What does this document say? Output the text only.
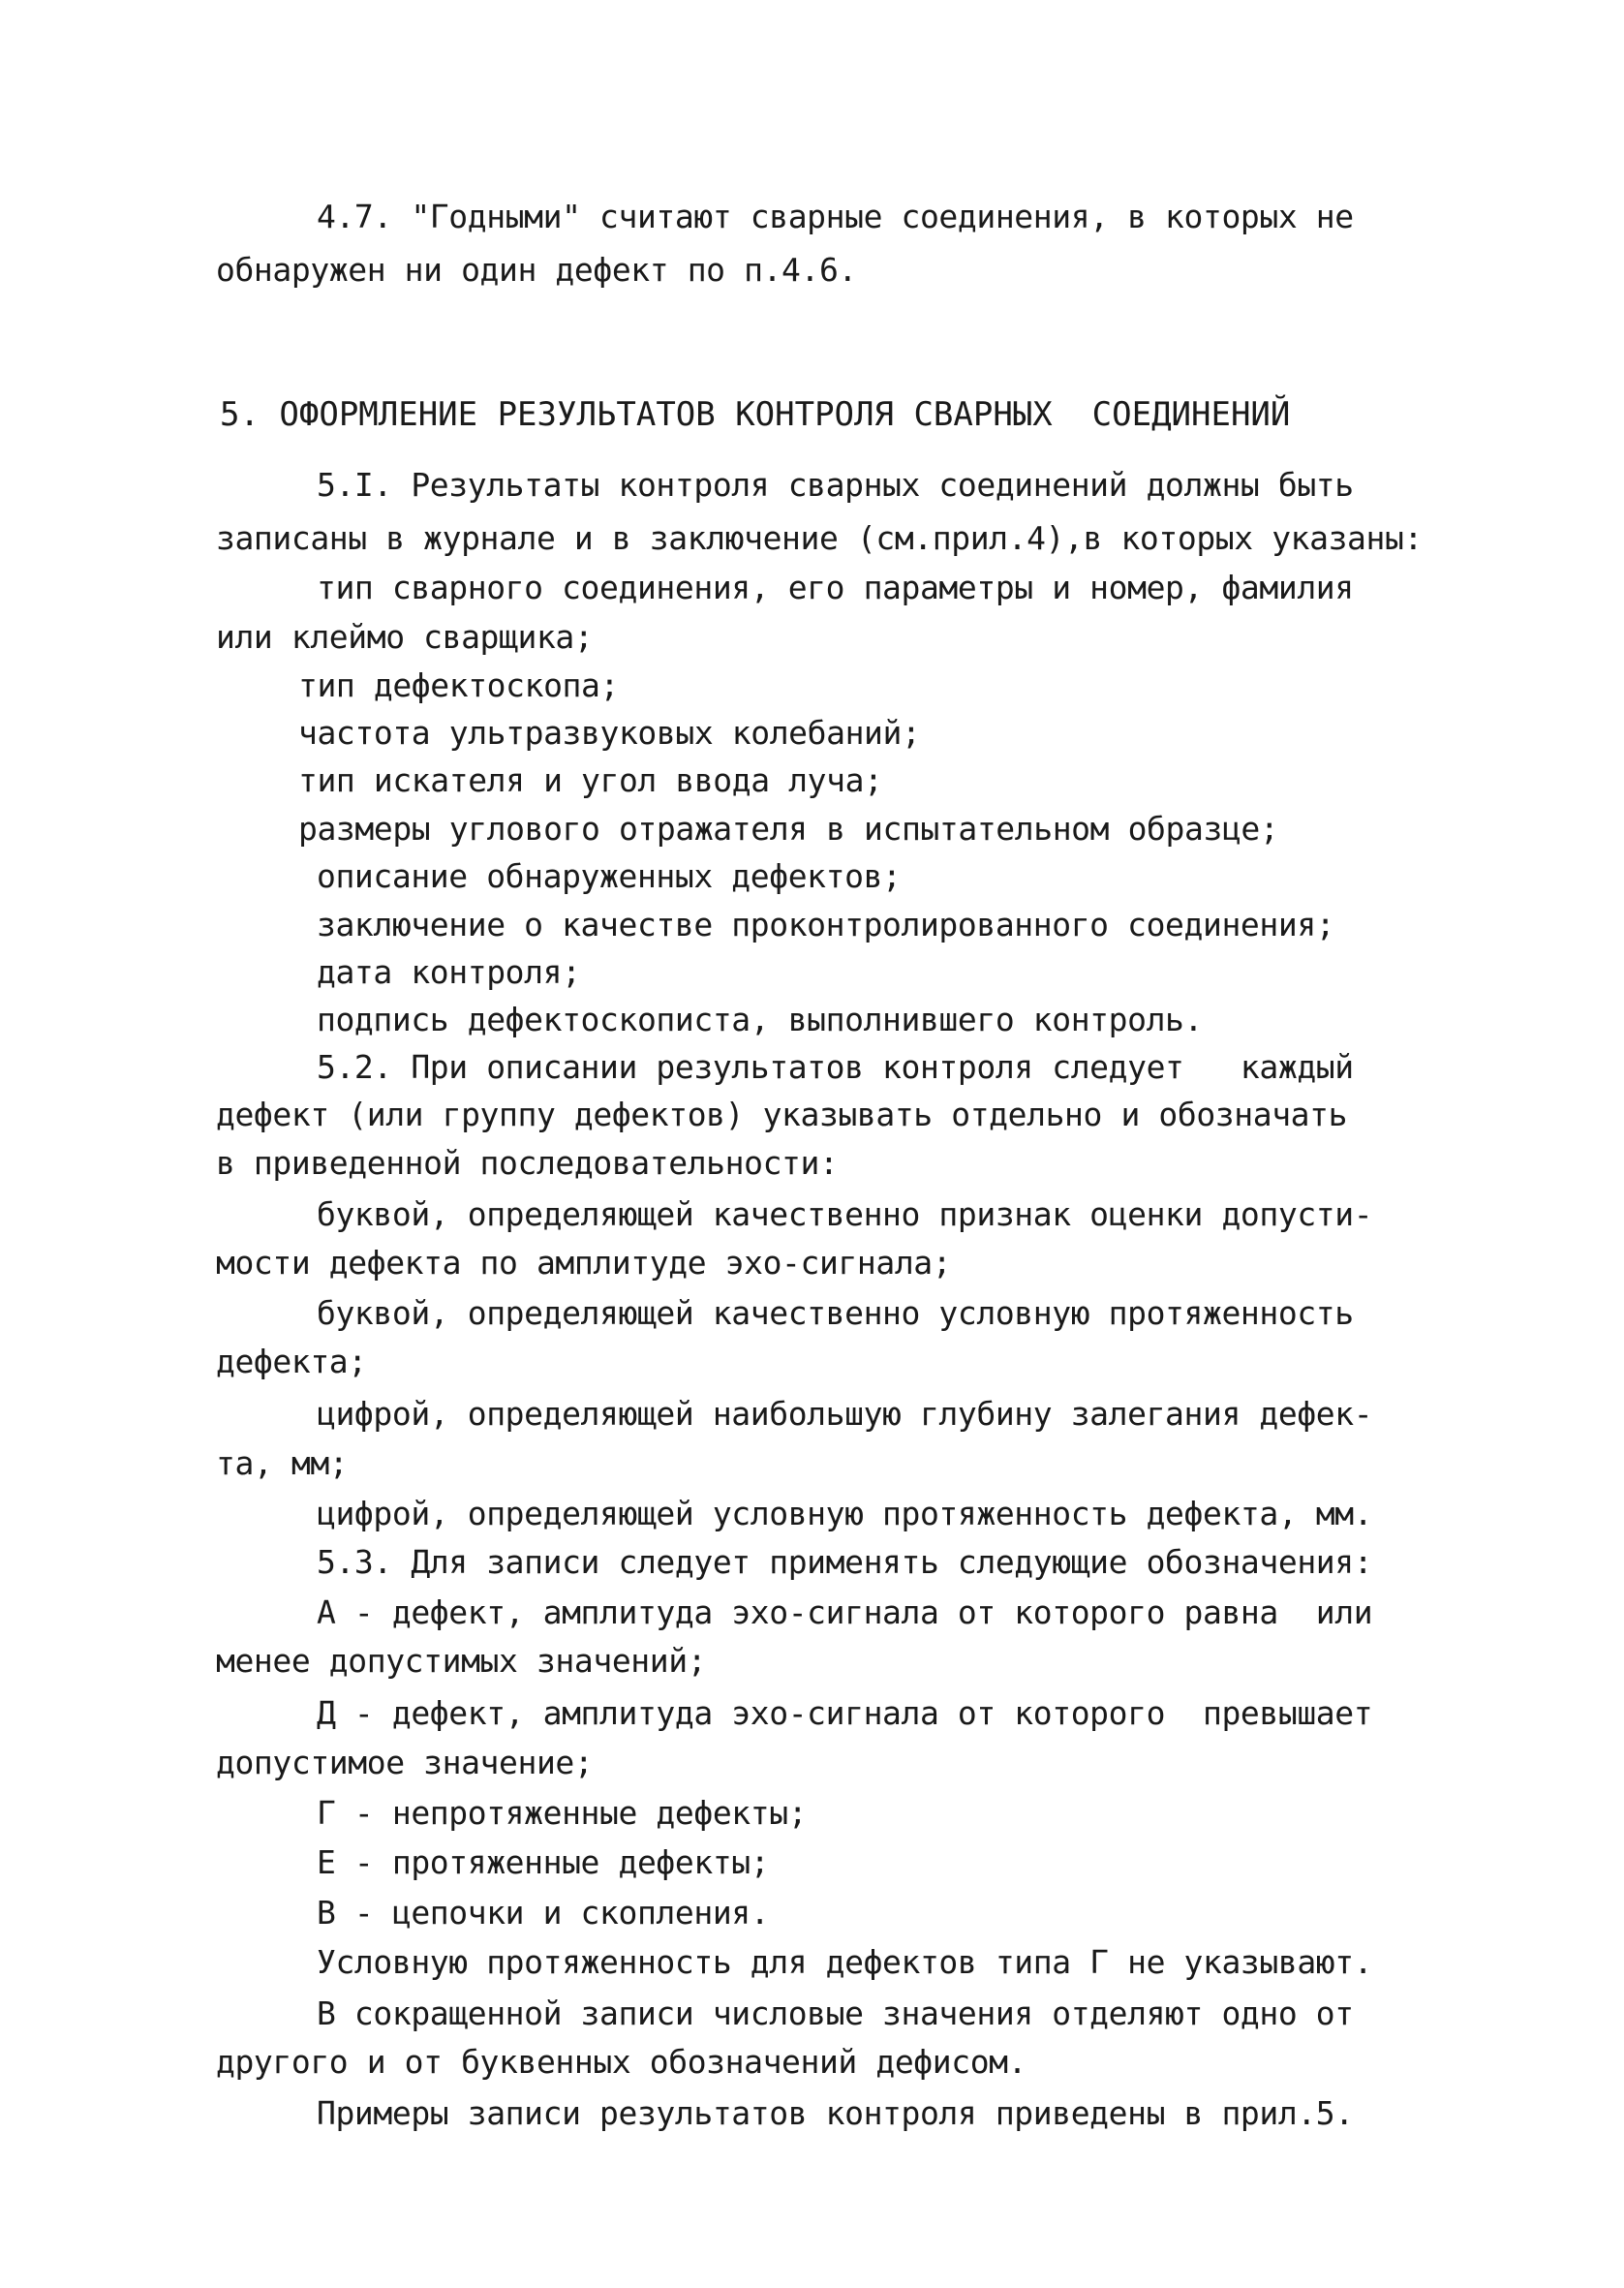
4.7. "Годными" считают сварные соединения, в которых не
обнаружен ни один дефект по п.4.6.
5. ОФОРМЛЕНИЕ РЕЗУЛЬТАТОВ КОНТРОЛЯ СВАРНЫХ  СОЕДИНЕНИЙ
5.I. Результаты контроля сварных соединений должны быть
записаны в журнале и в заключение (см.прил.4),в которых указаны:
тип сварного соединения, его параметры и номер, фамилия
или клеймо сварщика;
тип дефектоскопа;
частота ультразвуковых колебаний;
тип искателя и угол ввода луча;
размеры углового отражателя в испытательном образце;
описание обнаруженных дефектов;
заключение о качестве проконтролированного соединения;
дата контроля;
подпись дефектоскописта, выполнившего контроль.
5.2. При описании результатов контроля следует   каждый
дефект (или группу дефектов) указывать отдельно и обозначать
в приведенной последовательности:
буквой, определяющей качественно признак оценки допусти-
мости дефекта по амплитуде эхо-сигнала;
буквой, определяющей качественно условную протяженность
дефекта;
цифрой, определяющей наибольшую глубину залегания дефек-
та, мм;
цифрой, определяющей условную протяженность дефекта, мм.
5.3. Для записи следует применять следующие обозначения:
А - дефект, амплитуда эхо-сигнала от которого равна  или
менее допустимых значений;
Д - дефект, амплитуда эхо-сигнала от которого  превышает
допустимое значение;
Г - непротяженные дефекты;
Е - протяженные дефекты;
В - цепочки и скопления.
Условную протяженность для дефектов типа Г не указывают.
В сокращенной записи числовые значения отделяют одно от
другого и от буквенных обозначений дефисом.
Примеры записи результатов контроля приведены в прил.5.
